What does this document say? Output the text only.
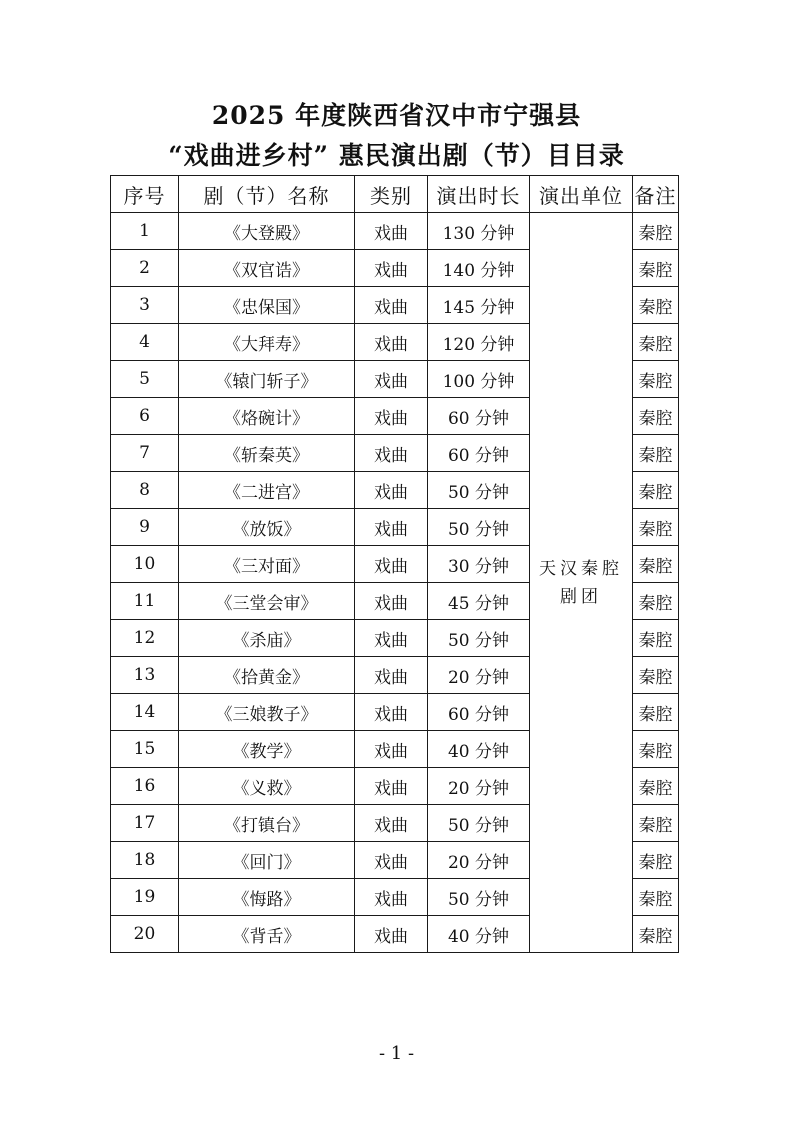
2025 年度陕西省汉中市宁强县
“戏曲进乡村” 惠民演出剧（节）目目录
序号	剧（节）名称	类别	演出时长	演出单位	备注
1	《大登殿》	戏曲	130 分钟	天汉秦腔剧团	秦腔
2	《双官诰》	戏曲	140 分钟		秦腔
3	《忠保国》	戏曲	145 分钟		秦腔
4	《大拜寿》	戏曲	120 分钟		秦腔
5	《辕门斩子》	戏曲	100 分钟		秦腔
6	《烙碗计》	戏曲	60 分钟		秦腔
7	《斩秦英》	戏曲	60 分钟		秦腔
8	《二进宫》	戏曲	50 分钟		秦腔
9	《放饭》	戏曲	50 分钟		秦腔
10	《三对面》	戏曲	30 分钟		秦腔
11	《三堂会审》	戏曲	45 分钟		秦腔
12	《杀庙》	戏曲	50 分钟		秦腔
13	《拾黄金》	戏曲	20 分钟		秦腔
14	《三娘教子》	戏曲	60 分钟		秦腔
15	《教学》	戏曲	40 分钟		秦腔
16	《义救》	戏曲	20 分钟		秦腔
17	《打镇台》	戏曲	50 分钟		秦腔
18	《回门》	戏曲	20 分钟		秦腔
19	《悔路》	戏曲	50 分钟		秦腔
20	《背舌》	戏曲	40 分钟		秦腔
- 1 -
